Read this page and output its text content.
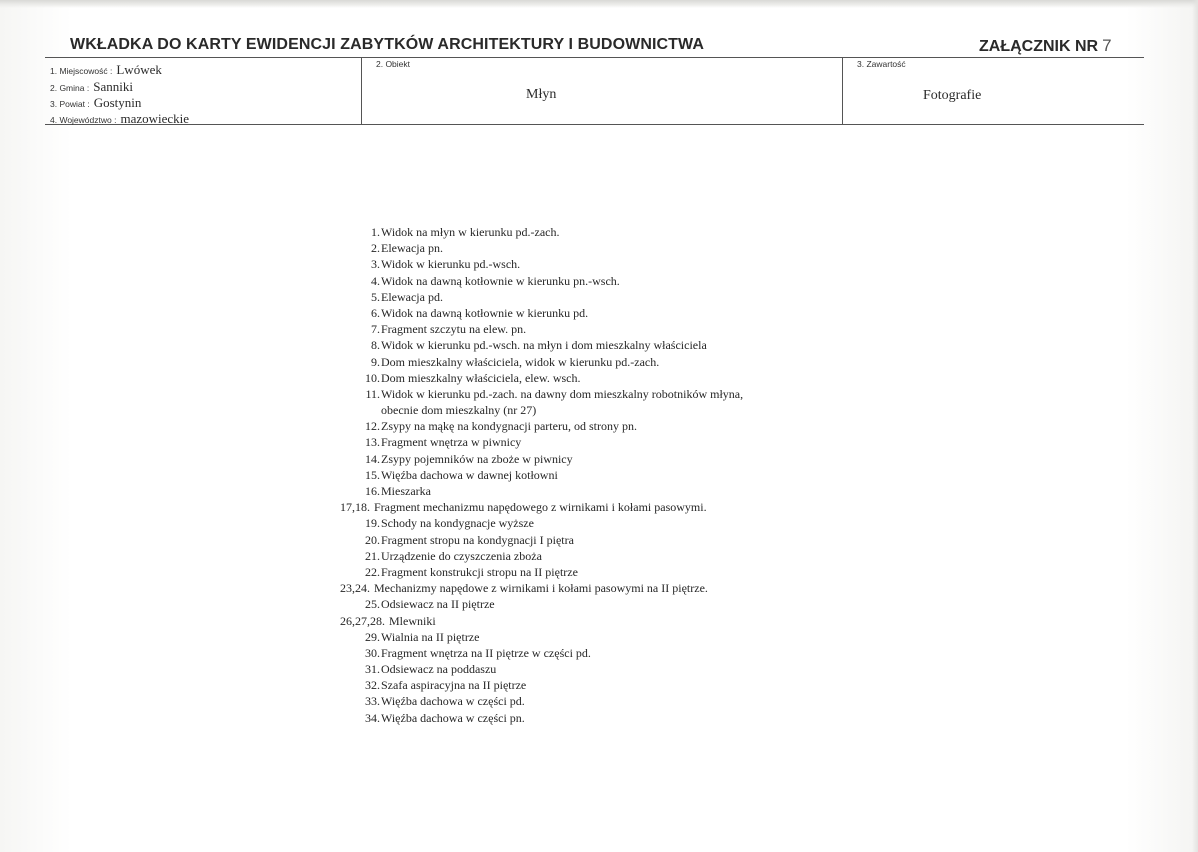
WKŁADKA DO KARTY EWIDENCJI ZABYTKÓW ARCHITEKTURY I BUDOWNICTWA	ZAŁĄCZNIK NR 7
1. Miejscowość : Lwówek
2. Gmina : Sanniki
3. Powiat : Gostynin
4. Województwo : mazowieckie
2. Obiekt
Młyn
3. Zawartość
Fotografie
1. Widok na młyn w kierunku pd.-zach.
2. Elewacja pn.
3. Widok w kierunku pd.-wsch.
4. Widok na dawną kotłownie w kierunku pn.-wsch.
5. Elewacja pd.
6. Widok na dawną kotłownie w kierunku pd.
7. Fragment szczytu na elew. pn.
8. Widok w kierunku pd.-wsch. na młyn i dom mieszkalny właściciela
9. Dom mieszkalny właściciela, widok w kierunku pd.-zach.
10. Dom mieszkalny właściciela, elew. wsch.
11. Widok w kierunku pd.-zach. na dawny dom mieszkalny robotników młyna,
obecnie dom mieszkalny (nr 27)
12. Zsypy na mąkę na kondygnacji parteru, od strony pn.
13. Fragment wnętrza w piwnicy
14. Zsypy pojemników na zboże w piwnicy
15. Więźba dachowa w dawnej kotłowni
16. Mieszarka
17,18. Fragment mechanizmu napędowego z wirnikami i kołami pasowymi.
19. Schody na kondygnacje wyższe
20. Fragment stropu na kondygnacji I piętra
21. Urządzenie do czyszczenia zboża
22. Fragment konstrukcji stropu na II piętrze
23,24. Mechanizmy napędowe z wirnikami i kołami pasowymi na II piętrze.
25. Odsiewacz na II piętrze
26,27,28. Mlewniki
29. Wialnia na II piętrze
30. Fragment wnętrza na II piętrze w części pd.
31. Odsiewacz na poddaszu
32. Szafa aspiracyjna na II piętrze
33. Więźba dachowa w części pd.
34. Więźba dachowa w części pn.
